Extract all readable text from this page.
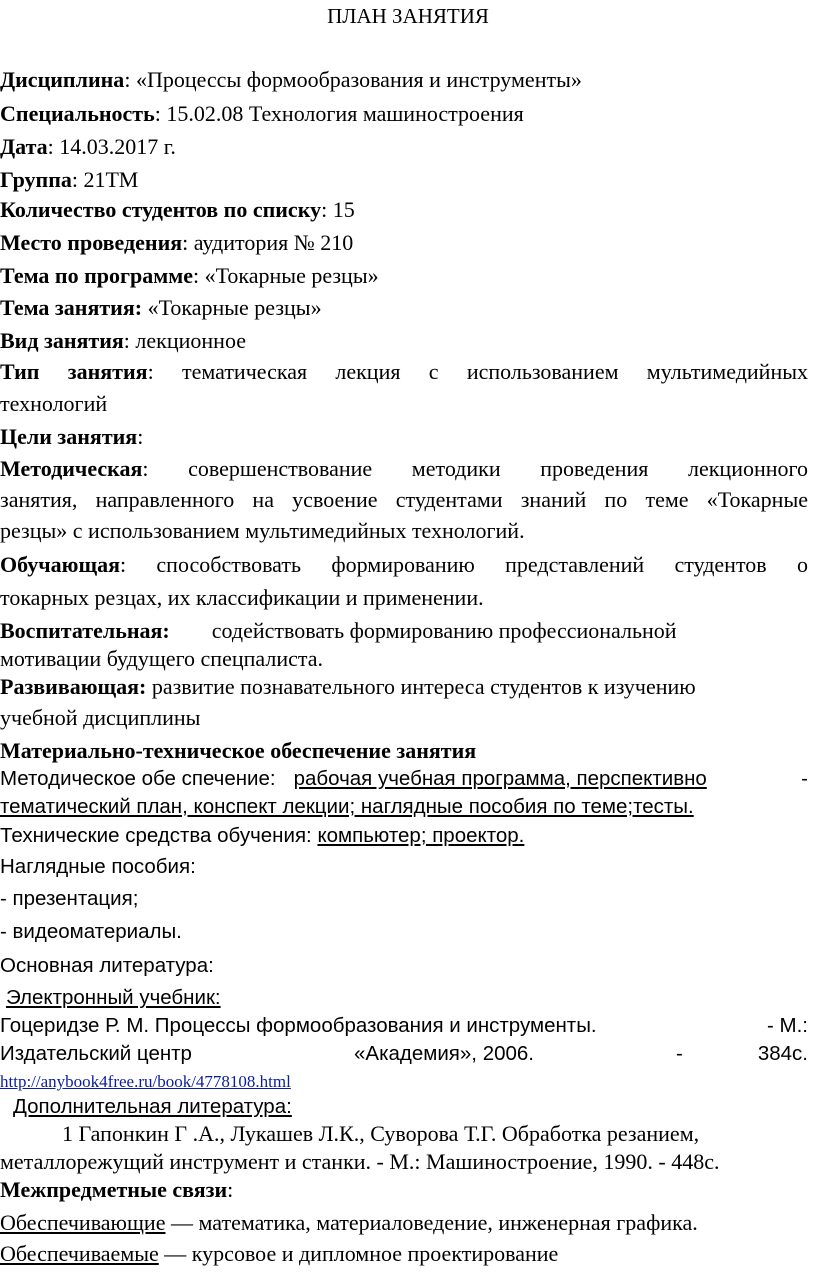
ПЛАН ЗАНЯТИЯ
Дисциплина: «Процессы формообразования и инструменты»
Специальность: 15.02.08 Технология машиностроения
Дата: 14.03.2017 г.
Группа: 21ТМ
Количество студентов по списку: 15
Место проведения: аудитория № 210
Тема по программе: «Токарные резцы»
Тема занятия: «Токарные резцы»
Вид занятия: лекционное
Тип занятия: тематическая лекция с использованием мультимедийных
технологий
Цели занятия:
Методическая: совершенствование методики проведения лекционного
занятия, направленного на усвоение студентами знаний по теме «Токарные
резцы» с использованием мультимедийных технологий.
Обучающая: способствовать формированию представлений студентов о
токарных резцах, их классификации и применении.
Воспитательная: содействовать формированию профессиональной
мотивации будущего спецпалиста.
Развивающая: развитие познавательного интереса студентов к изучению
учебной дисциплины
Материально-техническое обеспечение занятия
Методическое обе спечение: рабочая учебная программа, перспективно	-
тематический план, конспект лекции; наглядные пособия по теме;тесты.
Технические средства обучения: компьютер; проектор.
Наглядные пособия:
- презентация;
- видеоматериалы.
Основная литература:
Электронный учебник:
Гоцеридзе Р. М. Процессы формообразования и инструменты.	- М.:
Издательский центр	«Академия», 2006.	-	384с.
http://anybook4free.ru/book/4778108.html
Дополнительная литература:
1 Гапонкин Г .А., Лукашев Л.К., Суворова Т.Г. Обработка резанием,
металлорежущий инструмент и станки. - М.: Машиностроение, 1990. - 448с.
Межпредметные связи:
Обеспечивающие — математика, материаловедение, инженерная графика.
Обеспечиваемые — курсовое и дипломное проектирование
